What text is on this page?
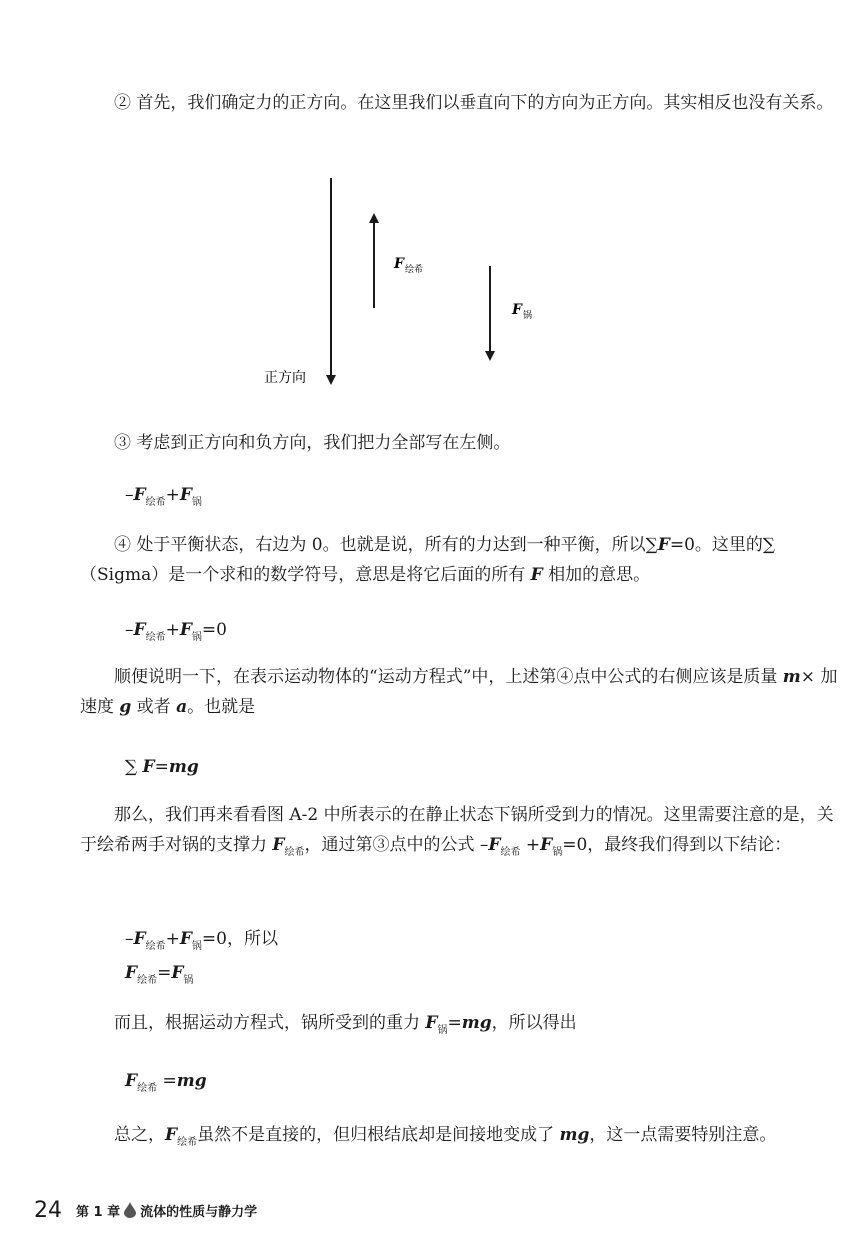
② 首先，我们确定力的正方向。在这里我们以垂直向下的方向为正方向。其实相反也没有关系。

F 绘希
F 锅
正方向

③ 考虑到正方向和负方向，我们把力全部写在左侧。

$-F_{绘希}+F_锅$

④ 处于平衡状态，右边为 0。也就是说，所有的力达到一种平衡，所以∑F=0。这里的∑（Sigma）是一个求和的数学符号，意思是将它后面的所有 F 相加的意思。

$-F_{绘希}+F_锅=0$

顺便说明一下，在表示运动物体的“运动方程式”中，上述第④点中公式的右侧应该是质量 m× 加速度 g 或者 a。也就是

∑ F=mg

那么，我们再来看看图 A-2 中所表示的在静止状态下锅所受到力的情况。这里需要注意的是，关于绘希两手对锅的支撑力 $F_{绘希}$，通过第③点中的公式 $-F_{绘希} +F_锅=0$，最终我们得到以下结论：

$-F_{绘希}+F_锅=0$，所以
$F_{绘希}=F_锅$

而且，根据运动方程式，锅所受到的重力 $F_锅=mg$，所以得出

$F_{绘希} =mg$

总之，$F_{绘希}$虽然不是直接的，但归根结底却是间接地变成了 mg，这一点需要特别注意。

24 第 1 章 流体的性质与静力学
